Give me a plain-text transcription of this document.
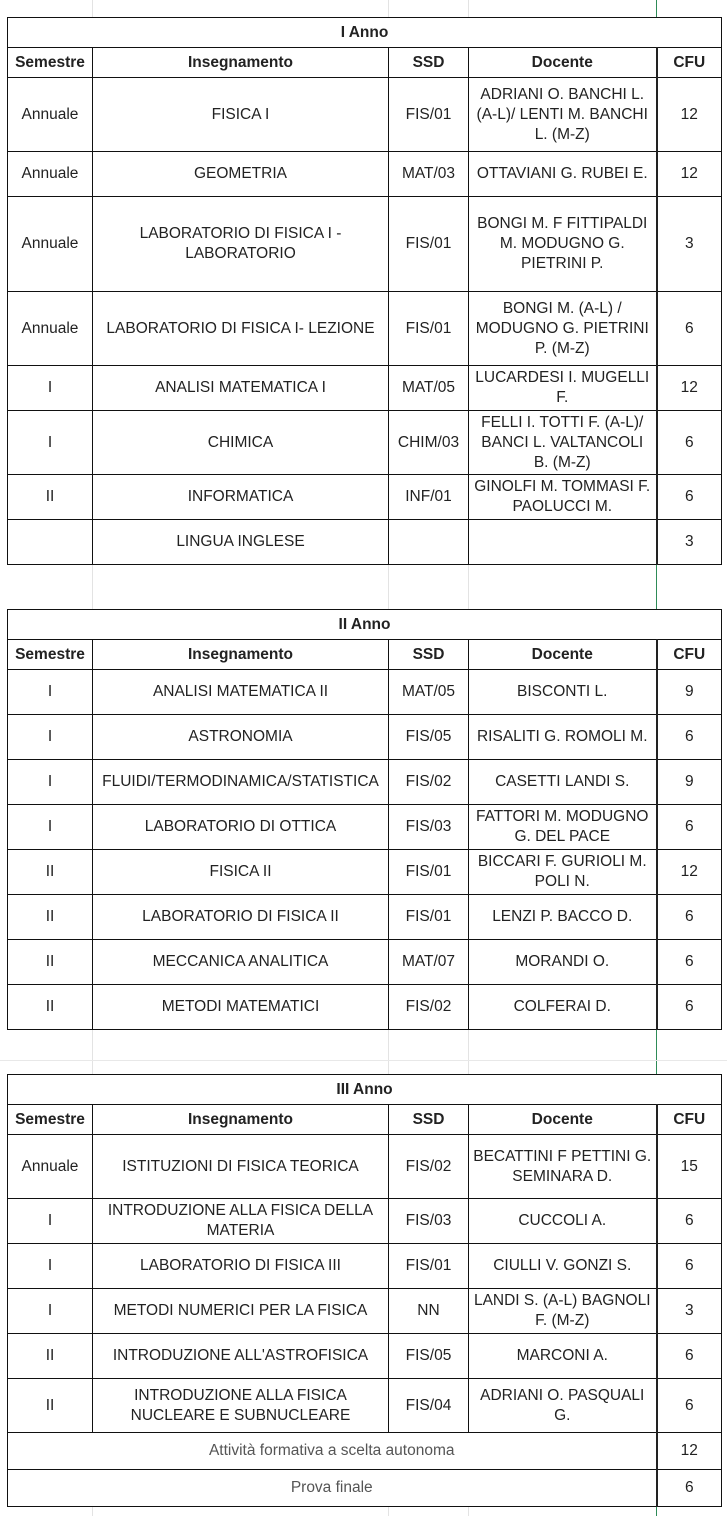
I Anno				
Semestre	Insegnamento	SSD	Docente	CFU
Annuale	FISICA I	FIS/01	ADRIANI O. BANCHI L. (A-L)/ LENTI M. BANCHI L. (M-Z)	12
Annuale	GEOMETRIA	MAT/03	OTTAVIANI G. RUBEI E.	12
Annuale	LABORATORIO DI FISICA I - LABORATORIO	FIS/01	BONGI M. F FITTIPALDI M. MODUGNO G. PIETRINI P.	3
Annuale	LABORATORIO DI FISICA I- LEZIONE	FIS/01	BONGI M. (A-L) / MODUGNO G. PIETRINI P. (M-Z)	6
I	ANALISI MATEMATICA I	MAT/05	LUCARDESI I. MUGELLI F.	12
I	CHIMICA	CHIM/03	FELLI I. TOTTI F. (A-L)/ BANCI L. VALTANCOLI B. (M-Z)	6
II	INFORMATICA	INF/01	GINOLFI M. TOMMASI F. PAOLUCCI M.	6
	LINGUA INGLESE			3
II Anno				
Semestre	Insegnamento	SSD	Docente	CFU
I	ANALISI MATEMATICA II	MAT/05	BISCONTI L.	9
I	ASTRONOMIA	FIS/05	RISALITI G. ROMOLI M.	6
I	FLUIDI/TERMODINAMICA/STATISTICA	FIS/02	CASETTI LANDI S.	9
I	LABORATORIO DI OTTICA	FIS/03	FATTORI M. MODUGNO G. DEL PACE	6
II	FISICA II	FIS/01	BICCARI F. GURIOLI M. POLI N.	12
II	LABORATORIO DI FISICA II	FIS/01	LENZI P. BACCO D.	6
II	MECCANICA ANALITICA	MAT/07	MORANDI O.	6
II	METODI MATEMATICI	FIS/02	COLFERAI D.	6
III Anno				
Semestre	Insegnamento	SSD	Docente	CFU
Annuale	ISTITUZIONI DI FISICA TEORICA	FIS/02	BECATTINI F PETTINI G. SEMINARA D.	15
I	INTRODUZIONE ALLA FISICA DELLA MATERIA	FIS/03	CUCCOLI A.	6
I	LABORATORIO DI FISICA III	FIS/01	CIULLI V. GONZI S.	6
I	METODI NUMERICI PER LA FISICA	NN	LANDI S. (A-L) BAGNOLI F. (M-Z)	3
II	INTRODUZIONE ALL'ASTROFISICA	FIS/05	MARCONI A.	6
II	INTRODUZIONE ALLA FISICA NUCLEARE E SUBNUCLEARE	FIS/04	ADRIANI O. PASQUALI G.	6
Attività formativa a scelta autonoma				12
Prova finale				6
